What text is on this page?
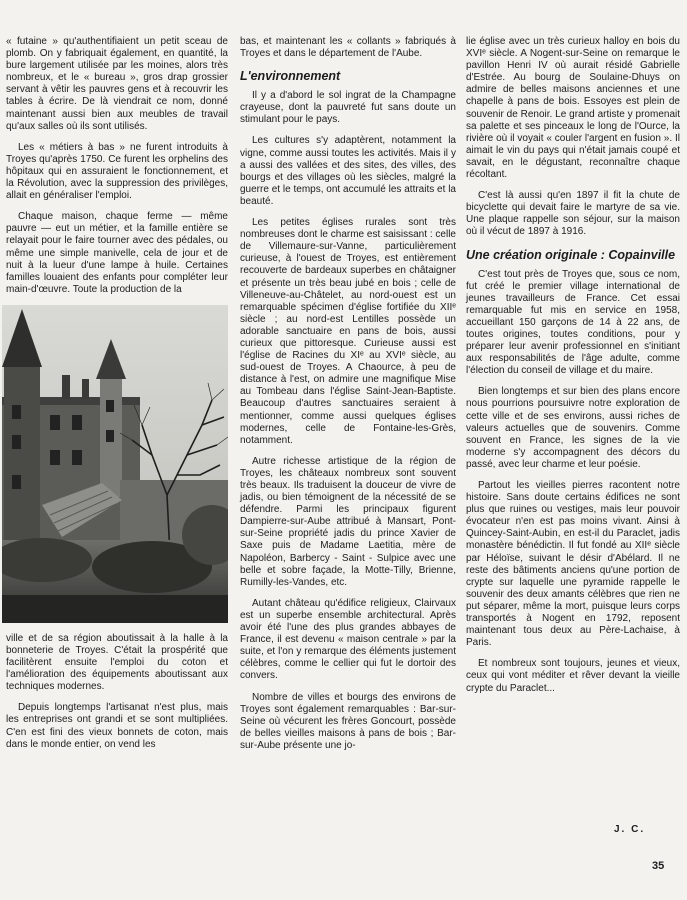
« futaine » qu'authentifiaient un petit sceau de plomb. On y fabriquait également, en quantité, la bure largement utilisée par les moines, alors très nombreux, et le « bureau », gros drap grossier servant à vêtir les pauvres gens et à recouvrir les tables à écrire. De là viendrait ce nom, donné maintenant aussi bien aux meubles de travail qu'aux salles où ils sont utilisés.

Les « métiers à bas » ne furent introduits à Troyes qu'après 1750. Ce furent les orphelins des hôpitaux qui en assuraient le fonctionnement, et la Révolution, avec la suppression des privilèges, allait en généraliser l'emploi.

Chaque maison, chaque ferme — même pauvre — eut un métier, et la famille entière se relayait pour le faire tourner avec des pédales, ou même une simple manivelle, cela de jour et de nuit à la lueur d'une lampe à huile. Certaines familles louaient des enfants pour compléter leur main-d'œuvre. Toute la production de la

ville et de sa région aboutissait à la halle à la bonneterie de Troyes. C'était la prospérité que facilitèrent ensuite l'emploi du coton et l'amélioration des équipements aboutissant aux techniques modernes.

Depuis longtemps l'artisanat n'est plus, mais les entreprises ont grandi et se sont multipliées. C'en est fini des vieux bonnets de coton, mais dans le monde entier, on vend les

bas, et maintenant les « collants » fabriqués à Troyes et dans le département de l'Aube.

L'environnement

Il y a d'abord le sol ingrat de la Champagne crayeuse, dont la pauvreté fut sans doute un stimulant pour le pays.

Les cultures s'y adaptèrent, notamment la vigne, comme aussi toutes les activités. Mais il y a aussi des vallées et des sites, des villes, des bourgs et des villages où les siècles, malgré la guerre et le temps, ont accumulé les attraits et la beauté.

Les petites églises rurales sont très nombreuses dont le charme est saisissant : celle de Villemaure-sur-Vanne, particulièrement curieuse, à l'ouest de Troyes, est entièrement recouverte de bardeaux superbes en châtaigner et présente un très beau jubé en bois ; celle de Villeneuve-au-Châtelet, au nord-ouest est un remarquable spécimen d'église fortifiée du XIIᵉ siècle ; au nord-est Lentilles possède un adorable sanctuaire en pans de bois, aussi curieux que pittoresque. Curieuse aussi est l'église de Racines du XIᵉ au XVIᵉ siècle, au sud-ouest de Troyes. A Chaource, à peu de distance à l'est, on admire une magnifique Mise au Tombeau dans l'église Saint-Jean-Baptiste. Beaucoup d'autres sanctuaires seraient à mentionner, comme aussi quelques églises modernes, celle de Fontaine-les-Grès, notamment.

Autre richesse artistique de la région de Troyes, les châteaux nombreux sont souvent très beaux. Ils traduisent la douceur de vivre de jadis, ou bien témoignent de la nécessité de se défendre. Parmi les principaux figurent Dampierre-sur-Aube attribué à Mansart, Pont-sur-Seine propriété jadis du prince Xavier de Saxe puis de Madame Laetitia, mère de Napoléon, Barbercy - Saint - Sulpice avec une belle et sobre façade, la Motte-Tilly, Brienne, Rumilly-les-Vandes, etc.

Autant château qu'édifice religieux, Clairvaux est un superbe ensemble architectural. Après avoir été l'une des plus grandes abbayes de France, il est devenu « maison centrale » par la suite, et l'on y remarque des éléments justement célèbres, comme le cellier qui fut le dortoir des convers.

Nombre de villes et bourgs des environs de Troyes sont également remarquables : Bar-sur-Seine où vécurent les frères Goncourt, possède de belles vieilles maisons à pans de bois ; Bar-sur-Aube présente une jo-

lie église avec un très curieux halloy en bois du XVIᵉ siècle. A Nogent-sur-Seine on remarque le pavillon Henri IV où aurait résidé Gabrielle d'Estrée. Au bourg de Soulaine-Dhuys on admire de belles maisons anciennes et une chapelle à pans de bois. Essoyes est plein de souvenir de Renoir. Le grand artiste y promenait sa palette et ses pinceaux le long de l'Ource, la rivière où il voyait « couler l'argent en fusion ». Il aimait le vin du pays qui n'était jamais coupé et savait, en le dégustant, reconnaître chaque récoltant.

C'est là aussi qu'en 1897 il fit la chute de bicyclette qui devait faire le martyre de sa vie. Une plaque rappelle son séjour, sur la maison où il vécut de 1897 à 1916.

Une création originale : Copainville

C'est tout près de Troyes que, sous ce nom, fut créé le premier village international de jeunes travailleurs de France. Cet essai remarquable fut mis en service en 1958, accueillant 150 garçons de 14 à 22 ans, de toutes origines, toutes conditions, pour y préparer leur avenir professionnel en s'initiant aux responsabilités de l'âge adulte, comme l'élection du conseil de village et du maire.

Bien longtemps et sur bien des plans encore nous pourrions poursuivre notre exploration de cette ville et de ses environs, aussi riches de valeurs actuelles que de souvenirs. Comme souvent en France, les signes de la vie moderne s'y accompagnent des décors du passé, avec leur charme et leur poésie.

Partout les vieilles pierres racontent notre histoire. Sans doute certains édifices ne sont plus que ruines ou vestiges, mais leur pouvoir évocateur n'en est pas moins vivant. Ainsi à Quincey-Saint-Aubin, en est-il du Paraclet, jadis monastère bénédictin. Il fut fondé au XIIᵉ siècle par Héloïse, suivant le désir d'Abélard. Il ne reste des bâtiments anciens qu'une portion de crypte sur laquelle une pyramide rappelle le souvenir des deux amants célèbres que rien ne put séparer, même la mort, puisque leurs corps transportés à Nogent en 1792, reposent maintenant tous deux au Père-Lachaise, à Paris.

Et nombreux sont toujours, jeunes et vieux, ceux qui vont méditer et rêver devant la vieille crypte du Paraclet...

J. C.
35
